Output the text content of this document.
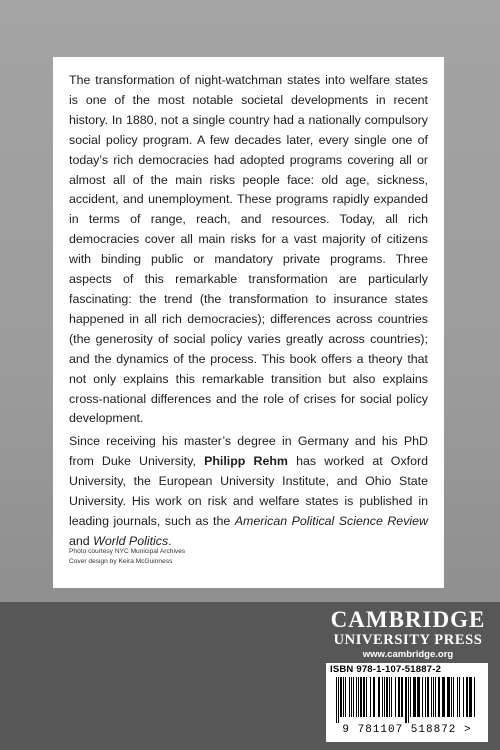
The transformation of night-watchman states into welfare states is one of the most notable societal developments in recent history. In 1880, not a single country had a nationally compulsory social policy program. A few decades later, every single one of today’s rich democracies had adopted programs covering all or almost all of the main risks people face: old age, sickness, accident, and unemployment. These programs rapidly expanded in terms of range, reach, and resources. Today, all rich democracies cover all main risks for a vast majority of citizens with binding public or mandatory private programs. Three aspects of this remarkable transformation are particularly fascinating: the trend (the transformation to insurance states happened in all rich democracies); differences across countries (the generosity of social policy varies greatly across countries); and the dynamics of the process. This book offers a theory that not only explains this remarkable transition but also explains cross-national differences and the role of crises for social policy development.

Since receiving his master’s degree in Germany and his PhD from Duke University, Philipp Rehm has worked at Oxford University, the European University Institute, and Ohio State University. His work on risk and welfare states is published in leading journals, such as the American Political Science Review and World Politics.

Photo courtesy NYC Municipal Archives
Cover design by Keira McGuinness
CAMBRIDGE
UNIVERSITY PRESS
www.cambridge.org
ISBN 978-1-107-51887-2
9 781107 518872 >
